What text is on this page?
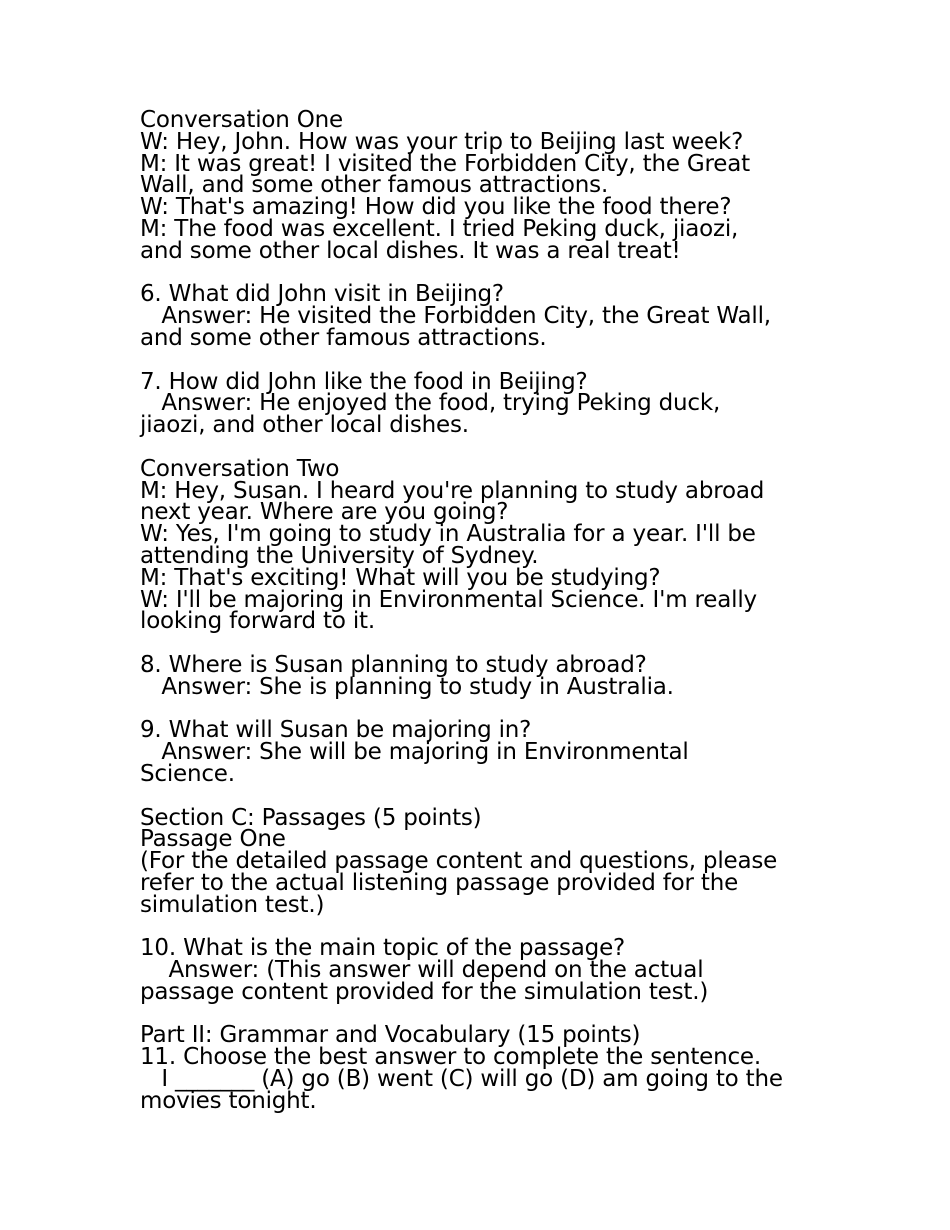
Conversation One
W: Hey, John. How was your trip to Beijing last week?
M: It was great! I visited the Forbidden City, the Great
Wall, and some other famous attractions.
W: That's amazing! How did you like the food there?
M: The food was excellent. I tried Peking duck, jiaozi,
and some other local dishes. It was a real treat!
6. What did John visit in Beijing?
Answer: He visited the Forbidden City, the Great Wall,
and some other famous attractions.
7. How did John like the food in Beijing?
Answer: He enjoyed the food, trying Peking duck,
jiaozi, and other local dishes.
Conversation Two
M: Hey, Susan. I heard you're planning to study abroad
next year. Where are you going?
W: Yes, I'm going to study in Australia for a year. I'll be
attending the University of Sydney.
M: That's exciting! What will you be studying?
W: I'll be majoring in Environmental Science. I'm really
looking forward to it.
8. Where is Susan planning to study abroad?
Answer: She is planning to study in Australia.
9. What will Susan be majoring in?
Answer: She will be majoring in Environmental
Science.
Section C: Passages (5 points)
Passage One
(For the detailed passage content and questions, please
refer to the actual listening passage provided for the
simulation test.)
10. What is the main topic of the passage?
Answer: (This answer will depend on the actual
passage content provided for the simulation test.)
Part II: Grammar and Vocabulary (15 points)
11. Choose the best answer to complete the sentence.
I _______ (A) go (B) went (C) will go (D) am going to the
movies tonight.
